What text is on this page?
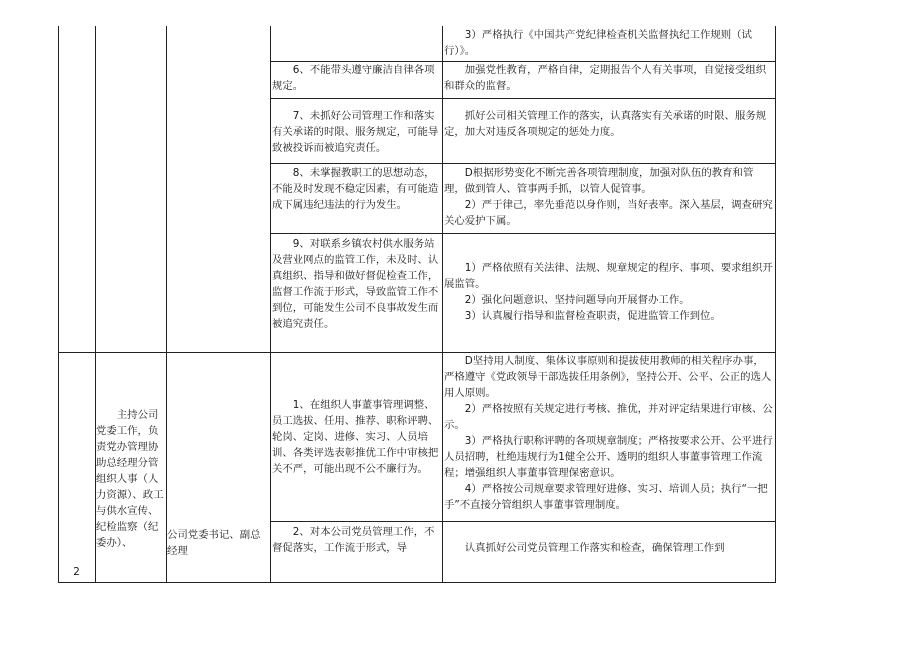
3）严格执行《中国共产党纪律检查机关监督执纪工作规则（试行）》。

6、不能带头遵守廉洁自律各项规定。

加强党性教育，严格自律，定期报告个人有关事项，自觉接受组织和群众的监督。

7、未抓好公司管理工作和落实有关承诺的时限、服务规定，可能导致被投诉而被追究责任。

抓好公司相关管理工作的落实，认真落实有关承诺的时限、服务规定，加大对违反各项规定的惩处力度。

8、未掌握教职工的思想动态，不能及时发现不稳定因素，有可能造成下属违纪违法的行为发生。

D根据形势变化不断完善各项管理制度，加强对队伍的教育和管理，做到管人、管事两手抓，以管人促管事。

2）严于律己，率先垂范以身作则，当好表率。深入基层，调查研究关心爱护下属。

9、对联系乡镇农村供水服务站及营业网点的监管工作，未及时、认真组织、指导和做好督促检查工作，监督工作流于形式，导致监管工作不到位，可能发生公司不良事故发生而被追究责任。

1）严格依照有关法律、法规、规章规定的程序、事项、要求组织开展监管。

2）强化问题意识、坚持问题导向开展督办工作。

3）认真履行指导和监督检查职责，促进监管工作到位。

2

主持公司党委工作，负责党办管理协助总经理分管组织人事（人力资源）、政工与供水宣传、纪检监察（纪委办）、

公司党委书记、副总经理

1、在组织人事董事管理调整、员工选拔、任用、推荐、职称评聘、轮岗、定岗、进修、实习、人员培训、各类评选表彰推优工作中审核把关不严，可能出现不公不廉行为。

D坚持用人制度、集体议事原则和提拔使用教师的相关程序办事，严格遵守《党政领导干部选拔任用条例》，坚持公开、公平、公正的选人用人原则。

2）严格按照有关规定进行考核、推优，并对评定结果进行审核、公示。

3）严格执行职称评聘的各项规章制度；严格按要求公开、公平进行人员招聘，杜绝违规行为1健全公开、透明的组织人事董事管理工作流程；增强组织人事董事管理保密意识。

4）严格按公司规章要求管理好进修、实习、培训人员；执行“一把手”不直接分管组织人事董事管理制度。

2、对本公司党员管理工作，不督促落实，工作流于形式，导	认真抓好公司党员管理工作落实和检查，确保管理工作到
